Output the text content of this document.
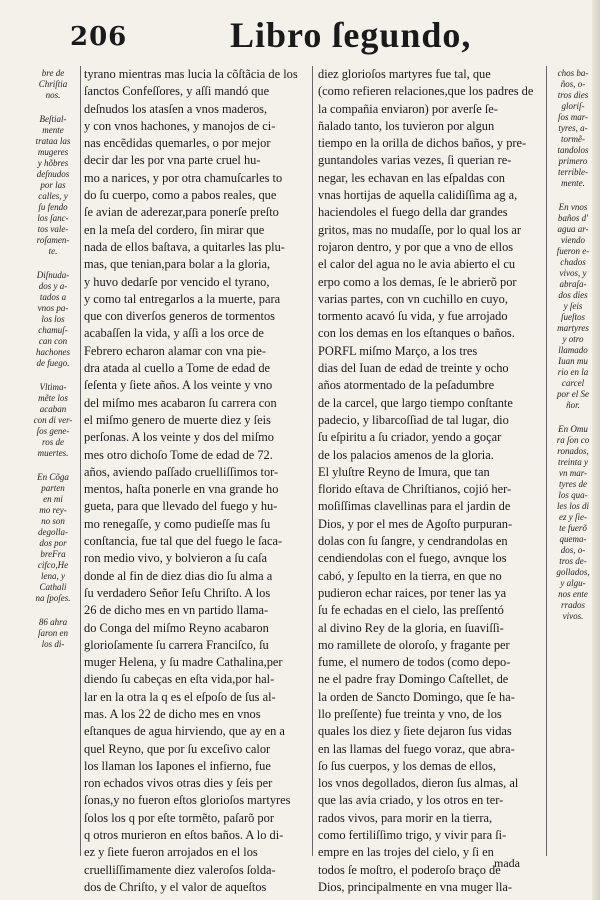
206	Libro ſegundo,
bre de
Chriſtia
nos.
Beſtial-
mente
trataa las
mugeres
y hõbres
deſnudos
por las
calles, y
ſu fendo
los ſanc-
tos vale-
roſamen-
te.
Diſnuda-
dos y a-
tados a
vnos pa-
los los
chamuſ-
can con
hachones
de fuego.
Vltima-
mẽte los
acaban
con di ver-
ſos gene-
ros de
muertes.
En Cõga
parten
en mi
mo rey-
no son
degolla-
dos por
breFra
cifco,He
lena, y
Cathali
na ſpoſes.
86 ahra
ſaron en
los di-
tyrano mientras mas lucia la cõſtãcia de los
ſanctos Confeſſores, y aſſi mandó que
deſnudos los atasſen a vnos maderos,
y con vnos hachones, y manojos de ci-
nas encẽdidas quemarles, o por mejor
decir dar les por vna parte cruel hu-
mo a narices, y por otra chamuſcarles to
do ſu cuerpo, como a pabos reales, que
ſe avian de aderezar,para ponerſe preſto
en la meſa del cordero, ſin mirar que
nada de ellos baſtava, a quitarles las plu-
mas, que tenian,para bolar a la gloria,
y huvo dedarſe por vencido el tyrano,
y como tal entregarlos a la muerte, para
que con diverſos generos de tormentos
acabaſſen la vida, y aſſi a los orce de
Febrero echaron alamar con vna pie-
dra atada al cuello a Tome de edad de
ſeſenta y ſiete años. A los veinte y vno
del miſmo mes acabaron ſu carrera con
el miſmo genero de muerte diez y ſeis
perſonas. A los veinte y dos del miſmo
mes otro dichoſo Tome de edad de 72.
años, aviendo paſſado cruelliſſimos tor-
mentos, haſta ponerle en vna grande ho
gueta, para que llevado del fuego y hu-
mo renegaſſe, y como pudieſſe mas ſu
conſtancia, fue tal que del fuego le ſaca-
ron medio vivo, y bolvieron a ſu caſa
donde al fin de diez dias dio ſu alma a
ſu verdadero Señor Ieſu Chriſto. A los
26 de dicho mes en vn partido llama-
do Conga del miſmo Reyno acabaron
glorioſamente ſu carrera Franciſco, ſu
muger Helena, y ſu madre Cathalina,per
diendo ſu cabeças en eſta vida,por hal-
lar en la otra la q es el eſpoſo de ſus al-
mas. A los 22 de dicho mes en vnos
eſtanques de agua hirviendo, que ay en a
quel Reyno, que por ſu exceſivo calor
los llaman los Iapones el infierno, fue
ron echados vivos otras dies y ſeis per
ſonas,y no fueron eſtos glorioſos martyres
ſolos los q por eſte tormẽto, paſarõ por
q otros murieron en eſtos baños. A lo di-
ez y ſiete fueron arrojados en el los
cruelliſſimamente diez valeroſos ſolda-
dos de Chriſto, y el valor de aqueſtos
diez glorioſos martyres fue tal, que
(como refieren relaciones,que los padres de
la compañia enviaron) por averſe ſe-
ñalado tanto, los tuvieron por algun
tiempo en la orilla de dichos baños, y pre-
guntandoles varias vezes, ſi querian re-
negar, les echavan en las eſpaldas con
vnas hortijas de aquella calidiſſima ag a,
haciendoles el fuego della dar grandes
gritos, mas no mudaſſe, por lo qual los ar
rojaron dentro, y por que a vno de ellos
el calor del agua no le avia abierto el cu
erpo como a los demas, ſe le abrierõ por
varias partes, con vn cuchillo en cuyo,
tormento acavó ſu vida, y fue arrojado
con los demas en los eſtanques o baños.
PORFL miſmo Março, a los tres
dias del Iuan de edad de treinte y ocho
años atormentado de la peſadumbre
de la carcel, que largo tiempo conſtante
padecio, y libarcoſſiad de tal lugar, dio
ſu eſpiritu a ſu criador, yendo a goçar
de los palacios amenos de la gloria.
El yluſtre Reyno de Imura, que tan
florido eſtava de Chriſtianos, cojió her-
moſiſſimas clavellinas para el jardin de
Dios, y por el mes de Agoſto purpuran-
dolas con ſu ſangre, y cendrandolas en
cendiendolas con el fuego, avnque los
cabó, y ſepulto en la tierra, en que no
pudieron echar raices, por tener las ya
ſu fe echadas en el cielo, las preſſentó
al divino Rey de la gloria, en ſuaviſſi-
mo ramillete de oloroſo, y fragante per
fume, el numero de todos (como depo-
ne el padre fray Domingo Caſtellet, de
la orden de Sancto Domingo, que ſe ha-
llo preſſente) fue treinta y vno, de los
quales los diez y ſiete dejaron ſus vidas
en las llamas del fuego voraz, que abra-
ſo ſus cuerpos, y los demas de ellos,
los vnos degollados, dieron ſus almas, al
que las avia criado, y los otros en ter-
rados vivos, para morir en la tierra,
como fertiliſſimo trigo, y vivir para ſi-
empre en las trojes del cielo, y ſi en
todos ſe moſtro, el poderoſo braço de
Dios, principalmente en vna muger lla-
chos ba-
ños, o-
tros dies
gloriſ-
ſos mar-
tyres, a-
tormẽ-
tandolos
primero
terrible-
mente.
En vnos
baños d'
agua ar-
viendo
fueron e-
chados
vivos, y
abraſa-
dos dies
y ſeis
ſueſtos
martyres
y otro
llamado
Iuan mu
rio en la
carcel
por el Se
ñor.
En Omu
ra ſon co
ronados,
treinta y
vn mar-
tyres de
los qua-
les los di
ez y ſie-
te fuerõ
quema-
dos, o-
tros de-
gollados,
y algu-
nos ente
rrados
vivos.
mada
